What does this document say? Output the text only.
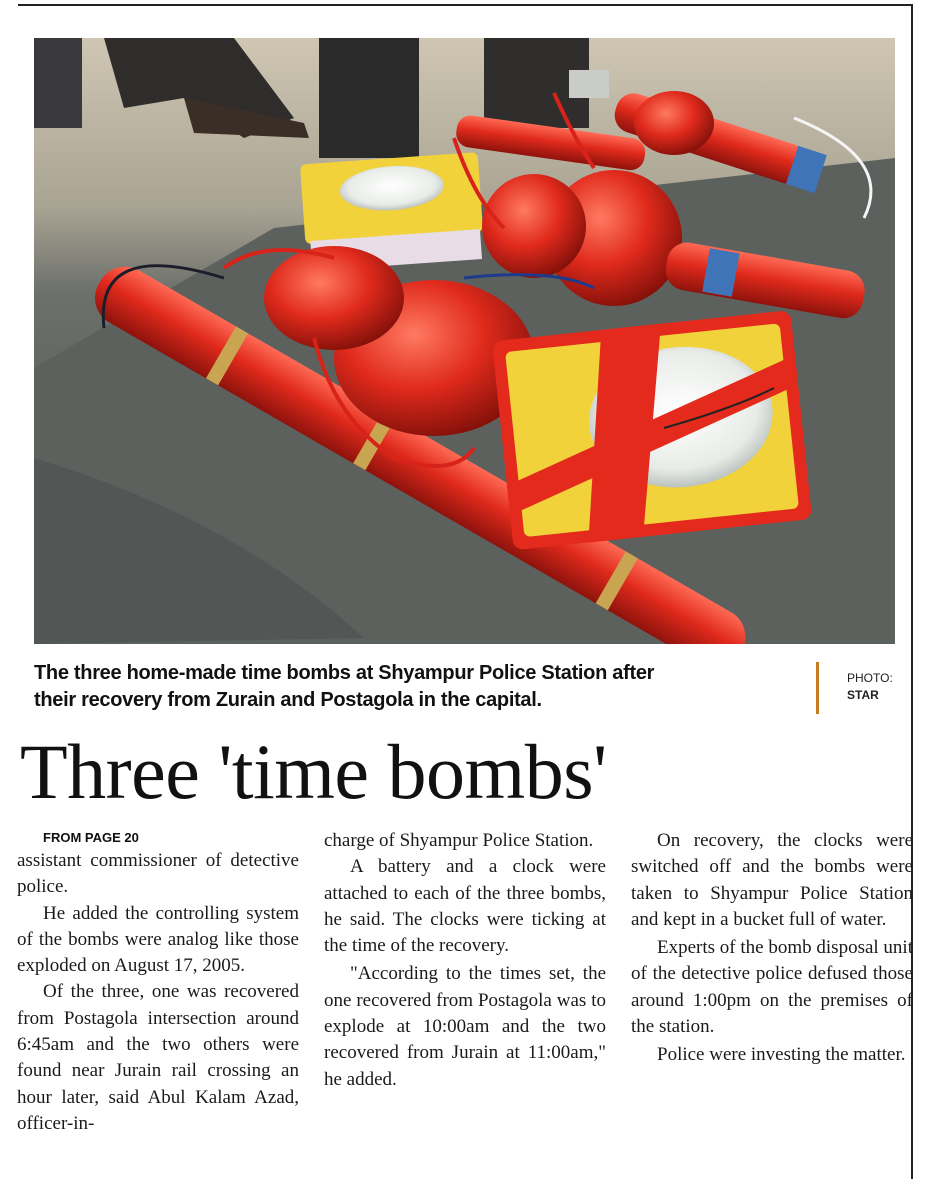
The three home-made time bombs at Shyampur Police Station after
their recovery from Zurain and Postagola in the capital.
PHOTO:
STAR
Three 'time bombs'

FROM PAGE 20

assistant commissioner of detective police.

He added the controlling system of the bombs were analog like those exploded on August 17, 2005.

Of the three, one was recovered from Postagola intersection around 6:45am and the two others were found near Jurain rail crossing an hour later, said Abul Kalam Azad, officer-in-

charge of Shyampur Police Station.

A battery and a clock were attached to each of the three bombs, he said. The clocks were ticking at the time of the recovery.

"According to the times set, the one recovered from Postagola was to explode at 10:00am and the two recovered from Jurain at 11:00am," he added.

On recovery, the clocks were switched off and the bombs were taken to Shyampur Police Station and kept in a bucket full of water.

Experts of the bomb disposal unit of the detective police defused those around 1:00pm on the premises of the station.

Police were investing the matter.
